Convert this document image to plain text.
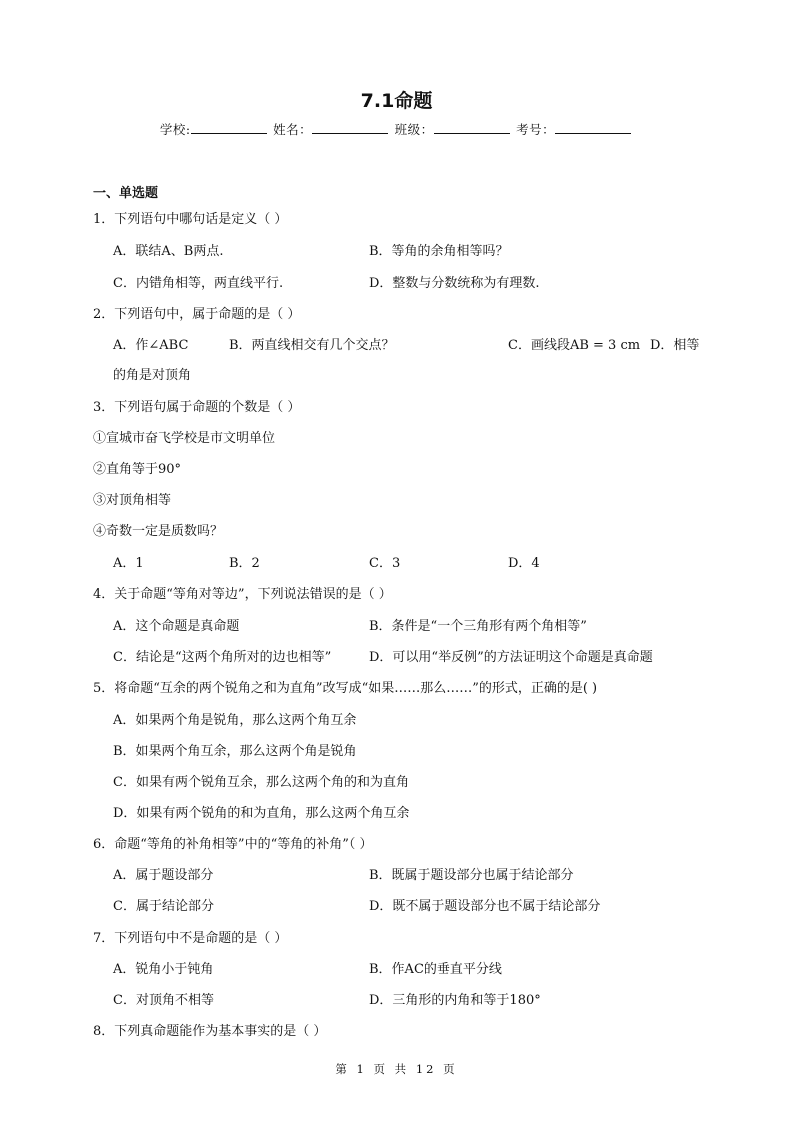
7.1命题
学校:	姓名：	班级：	考号：
一、单选题
1．下列语句中哪句话是定义（ ）
A．联结A、B两点.	B．等角的余角相等吗？
C．内错角相等，两直线平行.	D．整数与分数统称为有理数.
2．下列语句中，属于命题的是（ ）
A．作∠ABC	B．两直线相交有几个交点？	C．画线段AB = 3 cm D．相等
的角是对顶角
3．下列语句属于命题的个数是（ ）
①宣城市奋飞学校是市文明单位
②直角等于90°
③对顶角相等
④奇数一定是质数吗？
A．1	B．2	C．3	D．4
4．关于命题“等角对等边”，下列说法错误的是（ ）
A．这个命题是真命题	B．条件是“一个三角形有两个角相等”
C．结论是“这两个角所对的边也相等”	D．可以用“举反例”的方法证明这个命题是真命题
5．将命题“互余的两个锐角之和为直角”改写成“如果……那么……”的形式，正确的是( )
A．如果两个角是锐角，那么这两个角互余
B．如果两个角互余，那么这两个角是锐角
C．如果有两个锐角互余，那么这两个角的和为直角
D．如果有两个锐角的和为直角，那么这两个角互余
6．命题“等角的补角相等”中的“等角的补角”（ ）
A．属于题设部分	B．既属于题设部分也属于结论部分
C．属于结论部分	D．既不属于题设部分也不属于结论部分
7．下列语句中不是命题的是（ ）
A．锐角小于钝角	B．作AC的垂直平分线
C．对顶角不相等	D．三角形的内角和等于180°
8．下列真命题能作为基本事实的是（ ）
第 1 页 共 12 页
